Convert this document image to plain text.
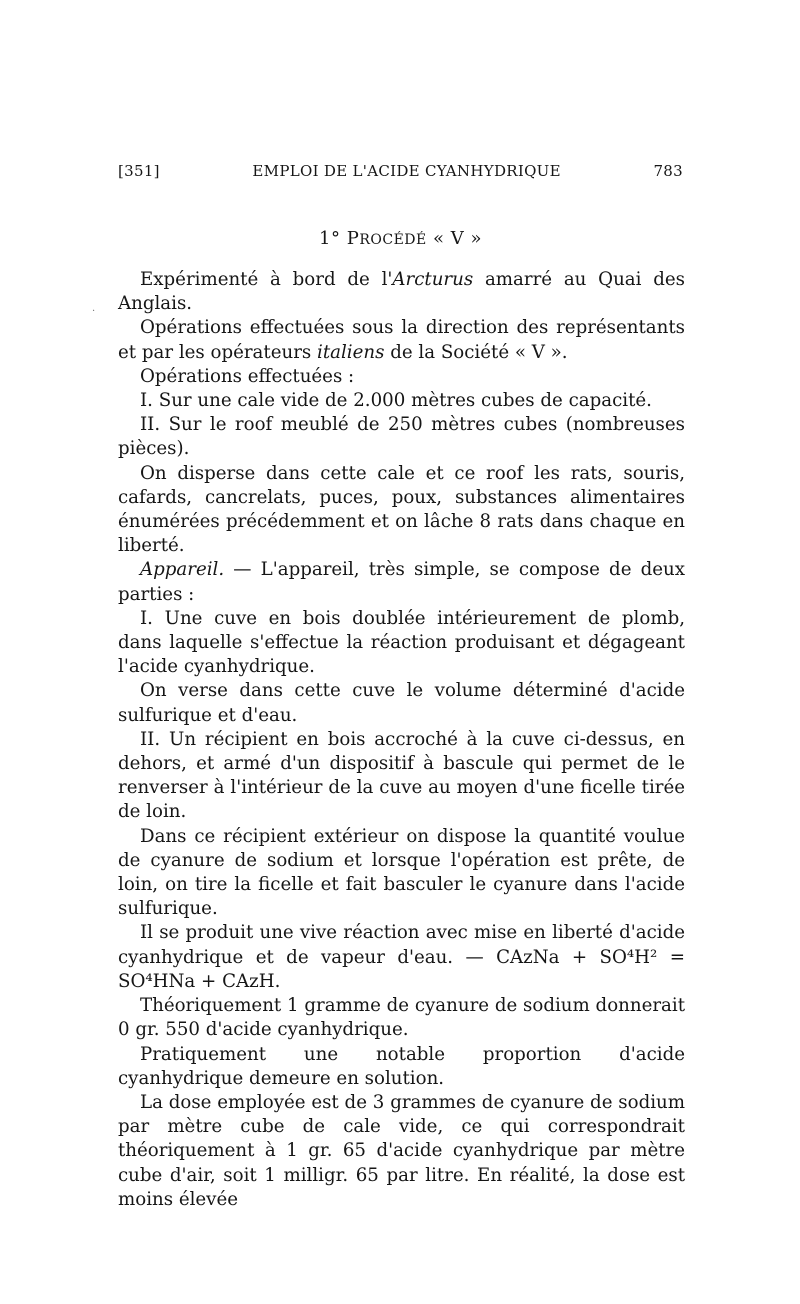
[351]	EMPLOI DE L'ACIDE CYANHYDRIQUE	783
1° PROCÉDÉ « V »
·

Expérimenté à bord de l'Arcturus amarré au Quai des Anglais.

Opérations effectuées sous la direction des représentants et par les opérateurs italiens de la Société « V ».

Opérations effectuées :

I. Sur une cale vide de 2.000 mètres cubes de capacité.

II. Sur le roof meublé de 250 mètres cubes (nombreuses pièces).

On disperse dans cette cale et ce roof les rats, souris, cafards, cancrelats, puces, poux, substances alimentaires énumérées précédemment et on lâche 8 rats dans chaque en liberté.

Appareil. — L'appareil, très simple, se compose de deux parties :

I. Une cuve en bois doublée intérieurement de plomb, dans laquelle s'effectue la réaction produisant et dégageant l'acide cyanhydrique.

On verse dans cette cuve le volume déterminé d'acide sulfurique et d'eau.

II. Un récipient en bois accroché à la cuve ci-dessus, en dehors, et armé d'un dispositif à bascule qui permet de le renverser à l'intérieur de la cuve au moyen d'une ficelle tirée de loin.

Dans ce récipient extérieur on dispose la quantité voulue de cyanure de sodium et lorsque l'opération est prête, de loin, on tire la ficelle et fait basculer le cyanure dans l'acide sulfurique.

Il se produit une vive réaction avec mise en liberté d'acide cyanhydrique et de vapeur d'eau. — CAzNa + SO⁴H² = SO⁴HNa + CAzH.

Théoriquement 1 gramme de cyanure de sodium donnerait 0 gr. 550 d'acide cyanhydrique.

Pratiquement une notable proportion d'acide cyanhydrique demeure en solution.

La dose employée est de 3 grammes de cyanure de sodium par mètre cube de cale vide, ce qui correspondrait théoriquement à 1 gr. 65 d'acide cyanhydrique par mètre cube d'air, soit 1 milligr. 65 par litre. En réalité, la dose est moins élevée
